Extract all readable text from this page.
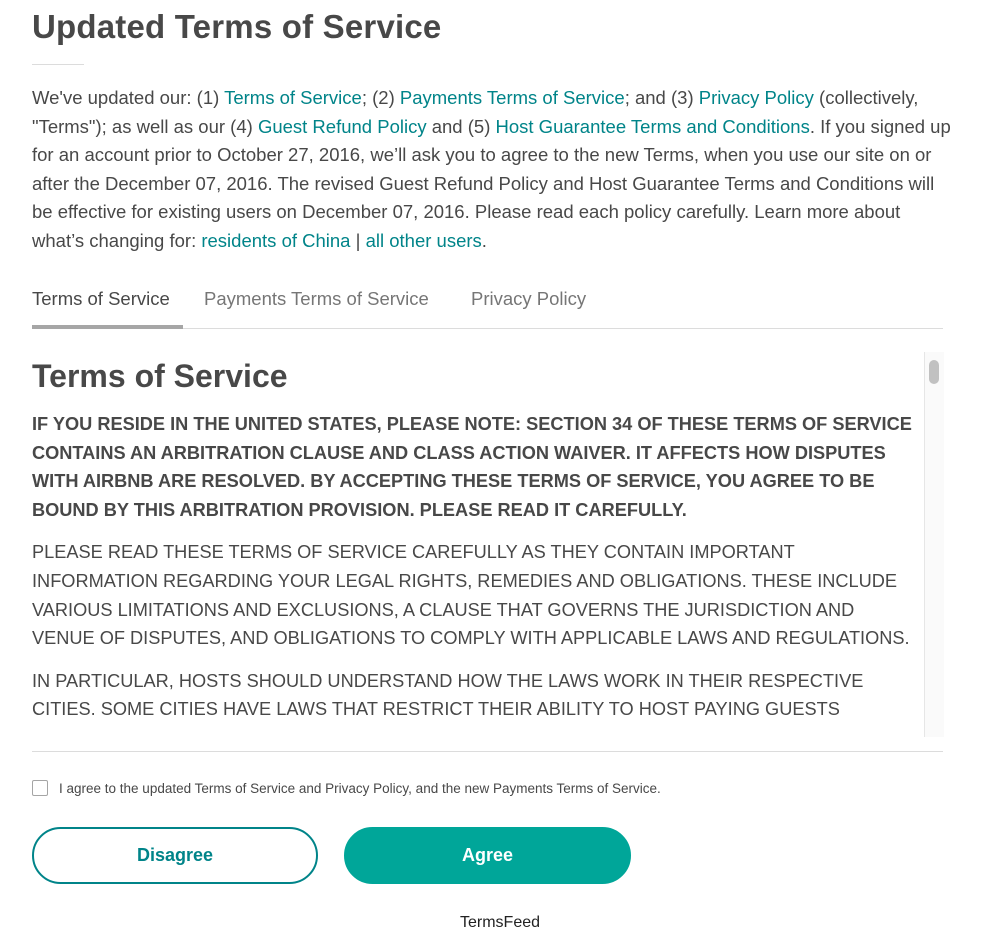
Updated Terms of Service

We've updated our: (1) Terms of Service; (2) Payments Terms of Service; and (3) Privacy Policy (collectively, "Terms"); as well as our (4) Guest Refund Policy and (5) Host Guarantee Terms and Conditions. If you signed up for an account prior to October 27, 2016, we’ll ask you to agree to the new Terms, when you use our site on or after the December 07, 2016. The revised Guest Refund Policy and Host Guarantee Terms and Conditions will be effective for existing users on December 07, 2016. Please read each policy carefully. Learn more about what’s changing for: residents of China | all other users.

Terms of Service Payments Terms of Service Privacy Policy
Terms of Service

IF YOU RESIDE IN THE UNITED STATES, PLEASE NOTE: SECTION 34 OF THESE TERMS OF SERVICE CONTAINS AN ARBITRATION CLAUSE AND CLASS ACTION WAIVER. IT AFFECTS HOW DISPUTES WITH AIRBNB ARE RESOLVED. BY ACCEPTING THESE TERMS OF SERVICE, YOU AGREE TO BE BOUND BY THIS ARBITRATION PROVISION. PLEASE READ IT CAREFULLY.

PLEASE READ THESE TERMS OF SERVICE CAREFULLY AS THEY CONTAIN IMPORTANT INFORMATION REGARDING YOUR LEGAL RIGHTS, REMEDIES AND OBLIGATIONS. THESE INCLUDE VARIOUS LIMITATIONS AND EXCLUSIONS, A CLAUSE THAT GOVERNS THE JURISDICTION AND VENUE OF DISPUTES, AND OBLIGATIONS TO COMPLY WITH APPLICABLE LAWS AND REGULATIONS.

IN PARTICULAR, HOSTS SHOULD UNDERSTAND HOW THE LAWS WORK IN THEIR RESPECTIVE CITIES. SOME CITIES HAVE LAWS THAT RESTRICT THEIR ABILITY TO HOST PAYING GUESTS

I agree to the updated Terms of Service and Privacy Policy, and the new Payments Terms of Service.
Disagree	Agree
TermsFeed
